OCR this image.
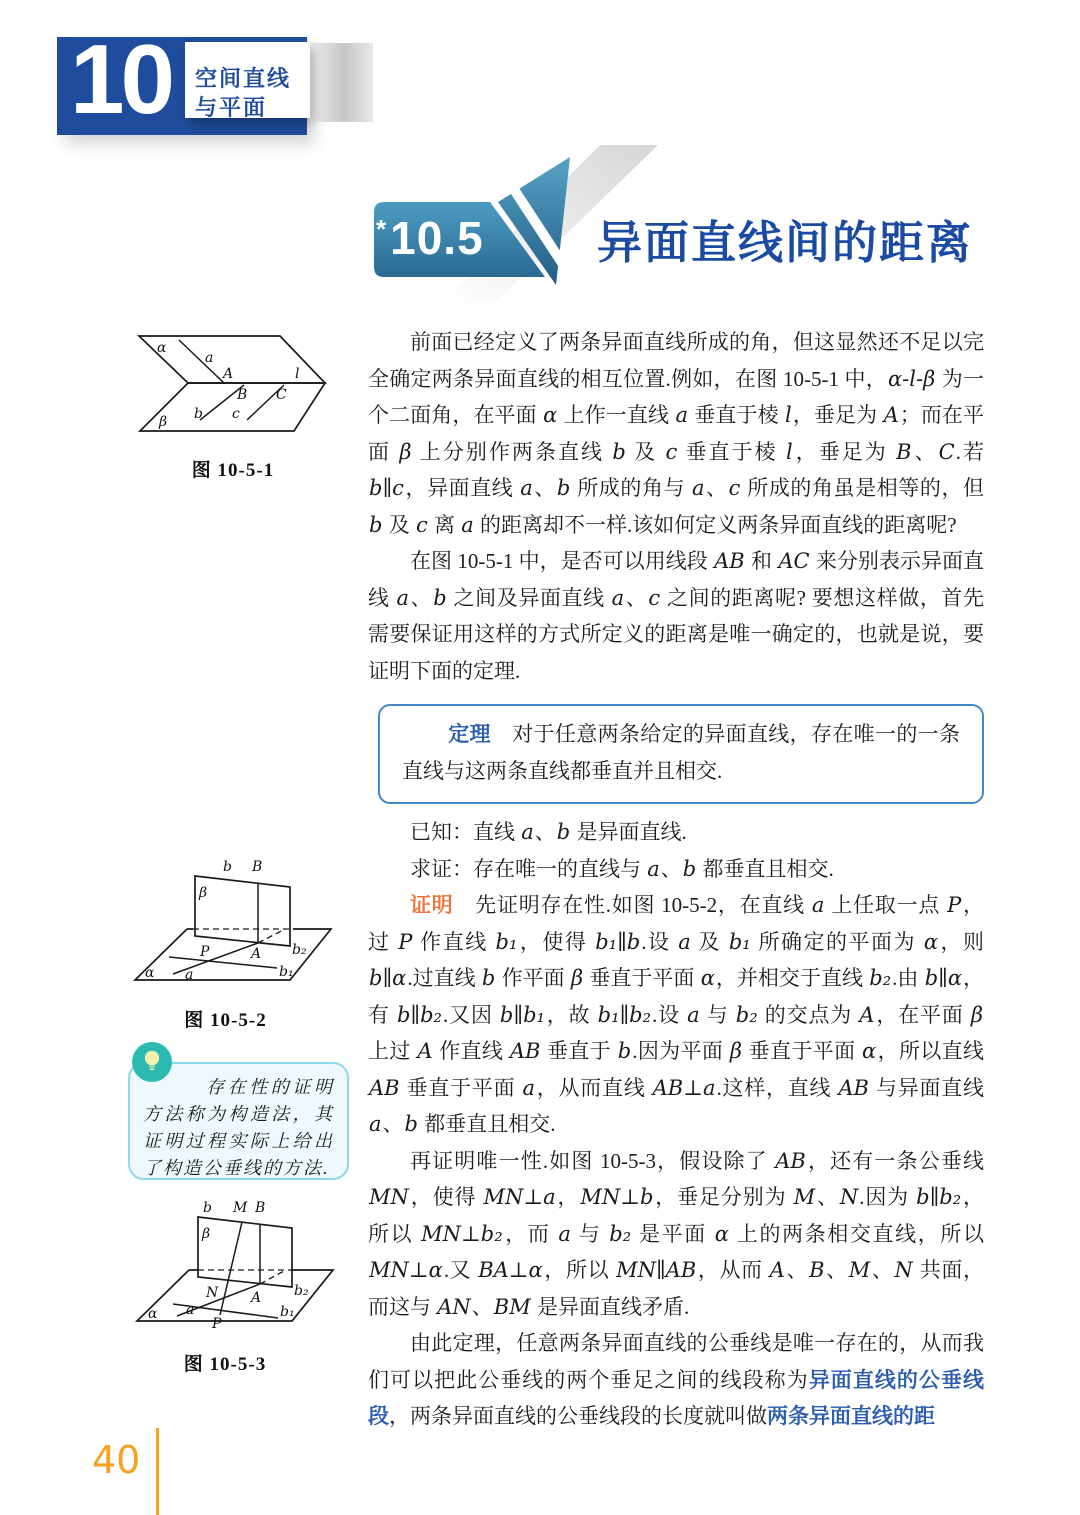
10 空间直线
与平面
* 10.5	异面直线间的距离
α
a
A	l
β b
B
c
C
图 10-5-1
b B
β
b₂
A
P
a	b₁
α
图 10-5-2

存在性的证明方法称为构造法，其证明过程实际上给出了构造公垂线的方法.

b M B
β
b₂
N A
P
a	b₁
α
图 10-5-3

前面已经定义了两条异面直线所成的角，但这显然还不足以完全确定两条异面直线的相互位置.例如，在图 10-5-1 中，α-l-β 为一个二面角，在平面 α 上作一直线 a 垂直于棱 l，垂足为 A；而在平面 β 上分别作两条直线 b 及 c 垂直于棱 l，垂足为 B、C.若 b∥c，异面直线 a、b 所成的角与 a、c 所成的角虽是相等的，但 b 及 c 离 a 的距离却不一样.该如何定义两条异面直线的距离呢?

在图 10-5-1 中，是否可以用线段 AB 和 AC 来分别表示异面直线 a、b 之间及异面直线 a、c 之间的距离呢? 要想这样做，首先需要保证用这样的方式所定义的距离是唯一确定的，也就是说，要证明下面的定理.

定理　对于任意两条给定的异面直线，存在唯一的一条直线与这两条直线都垂直并且相交.

已知：直线 a、b 是异面直线.

求证：存在唯一的直线与 a、b 都垂直且相交.

证明　先证明存在性.如图 10-5-2，在直线 a 上任取一点 P，过 P 作直线 b₁，使得 b₁∥b.设 a 及 b₁ 所确定的平面为 α，则 b∥α.过直线 b 作平面 β 垂直于平面 α，并相交于直线 b₂.由 b∥α，有 b∥b₂.又因 b∥b₁，故 b₁∥b₂.设 a 与 b₂ 的交点为 A，在平面 β 上过 A 作直线 AB 垂直于 b.因为平面 β 垂直于平面 α，所以直线 AB 垂直于平面 a，从而直线 AB⊥a.这样，直线 AB 与异面直线 a、b 都垂直且相交.

再证明唯一性.如图 10-5-3，假设除了 AB，还有一条公垂线 MN，使得 MN⊥a，MN⊥b，垂足分别为 M、N.因为 b∥b₂，所以 MN⊥b₂，而 a 与 b₂ 是平面 α 上的两条相交直线，所以 MN⊥α.又 BA⊥α，所以 MN∥AB，从而 A、B、M、N 共面，而这与 AN、BM 是异面直线矛盾.

由此定理，任意两条异面直线的公垂线是唯一存在的，从而我们可以把此公垂线的两个垂足之间的线段称为异面直线的公垂线段，两条异面直线的公垂线段的长度就叫做两条异面直线的距

40
